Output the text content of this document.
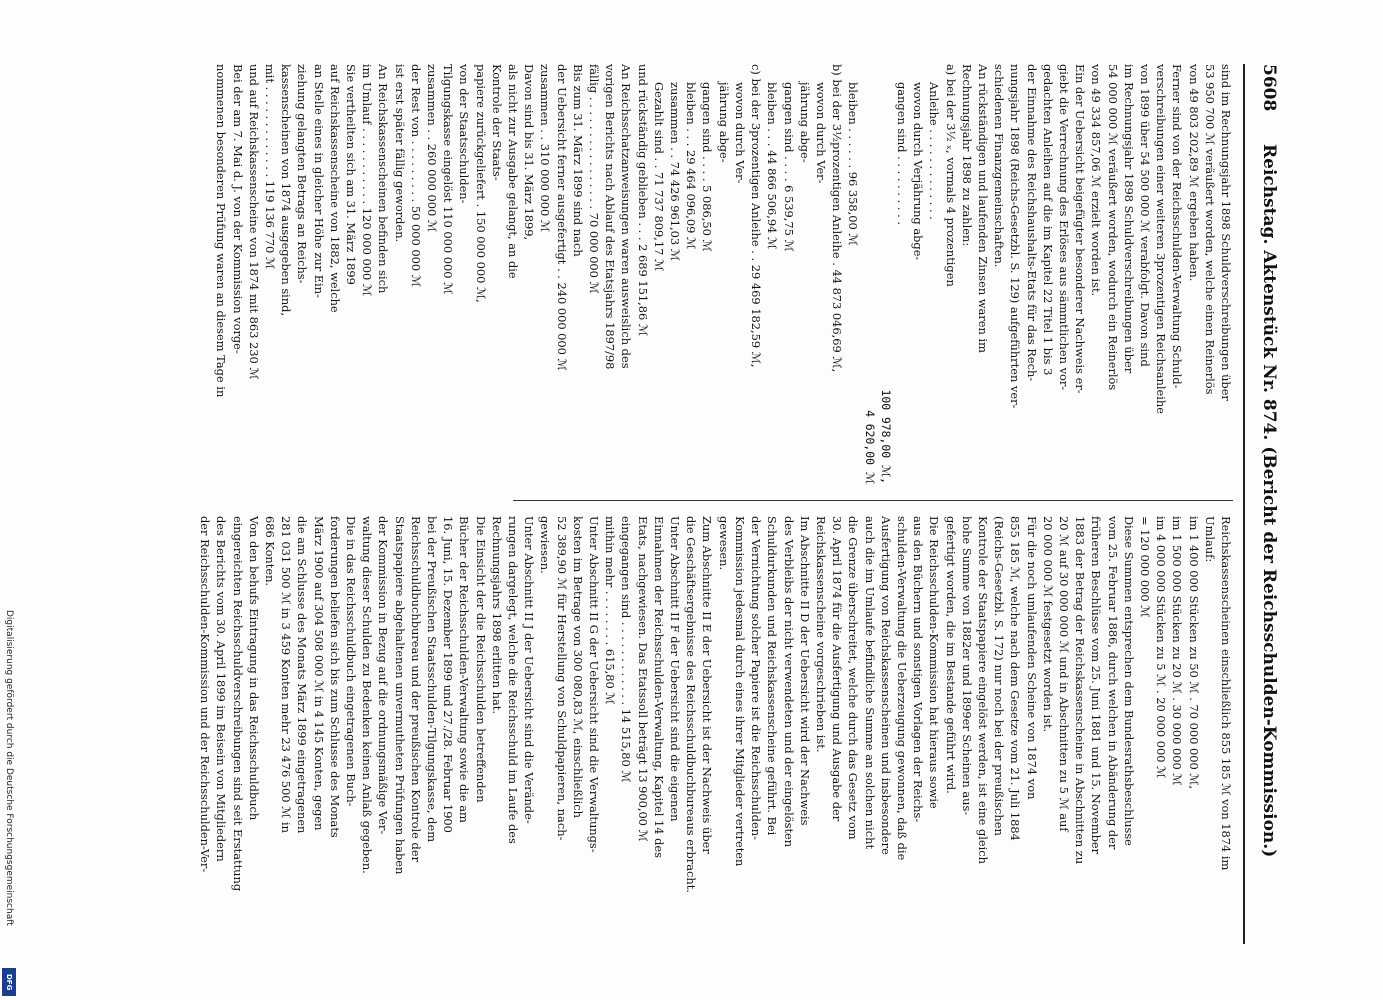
Digitalisierung gefördert durch die Deutsche Forschungsgemeinschaft
DFG
5608
Reichstag. Aktenstück Nr. 874. (Bericht der Reichsschulden-Kommission.)

sind im Rechnungsjahr 1898 Schuldverschreibungen über

53 950 700 ℳ veräußert worden, welche einen Reinerlös

von 49 803 202,89 ℳ ergeben haben.

Ferner sind von der Reichsschulden-Verwaltung Schuld-

verschreibungen einer weiteren 3prozentigen Reichsanleihe

von 1899 über 54 500 000 ℳ verabfolgt. Davon sind

im Rechnungsjahr 1898 Schuldverschreibungen über

54 000 000 ℳ veräußert worden, wodurch ein Reinerlös

von 49 334 857,06 ℳ erzielt worden ist.

Ein der Uebersicht beigefügter besonderer Nachweis er-

giebt die Verrechnung des Erlöses aus sämmtlichen vor-

gedachten Anleihen auf die im Kapitel 22 Titel 1 bis 3

der Einnahme des Reichshaushalts-Etats für das Rech-

nungsjahr 1898 (Reichs-Gesetzbl. S. 129) aufgeführten ver-

schiedenen Finanzgemeinschaften.

An rückständigen und laufenden Zinsen waren im

Rechnungsjahr 1898 zu zahlen:

a) bei der 3½ ₓ, vormals 4 prozentigen

Anleihe . . . . . . . . . . . . .

wovon durch Verjährung abge-

gangen sind . . . . . . . . . .

100 978,00 ℳ,

4 620,00 ℳ

bleiben . . . . . . 96 358,00 ℳ

b) bei der 3½prozentigen Anleihe . 44 873 046,69 ℳ,

wovon durch Ver-

jährung abge-

gangen sind . . . . 6 539,75 ℳ

bleiben . . . 44 866 506,94 ℳ

c) bei der 3prozentigen Anleihe . . 29 469 182,59 ℳ,

wovon durch Ver-

jährung abge-

gangen sind . . . . 5 086,50 ℳ

bleiben . . . 29 464 096,09 ℳ

zusammen . . 74 426 961,03 ℳ

Gezahlt sind . . 71 737 809,17 ℳ

und rückständig geblieben . . . 2 689 151,86 ℳ

An Reichsschatzanweisungen waren ausweislich des

vorigen Berichts nach Ablauf des Etatsjahrs 1897/98

fällig . . . . . . . . . . . . . . . . 70 000 000 ℳ

Bis zum 31. März 1899 sind nach

der Uebersicht ferner ausgefertigt . . 240 000 000 ℳ

zusammen . . 310 000 000 ℳ

Davon sind bis 31. März 1899,

als nicht zur Ausgabe gelangt, an die

Kontrole der Staats-

papiere zurückgeliefert . 150 000 000 ℳ,

von der Staatsschulden-

Tilgungskasse eingelöst 110 000 000 ℳ

zusammen . . 260 000 000 ℳ

der Rest von . . . . . . . . . 50 000 000 ℳ

ist erst später fällig geworden.

An Reichskassenscheinen befinden sich

im Umlauf . . . . . . . . . . . 120 000 000 ℳ

Sie vertheilten sich am 31. März 1899

auf Reichskassenscheine von 1882, welche

an Stelle eines in gleicher Höhe zur Ein-

ziehung gelangten Betrags an Reichs-

kassenscheinen von 1874 ausgegeben sind,

mit . . . . . . . . . . . . . 119 136 770 ℳ

und auf Reichskassenscheine von 1874 mit 863 230 ℳ

Bei der am 7. Mai d. J. von der Kommission vorge-

nommenen besonderen Prüfung waren an diesem Tage in

Reichskassenscheinen einschließlich 855 185 ℳ von 1874 im

Umlauf:

im 1 400 000 Stücken zu 50 ℳ . 70 000 000 ℳ,

im 1 500 000 Stücken zu 20 ℳ . 30 000 000 ℳ

im 4 000 000 Stücken zu 5 ℳ . 20 000 000 ℳ

= 120 000 000 ℳ

Diese Summen entsprechen dem Bundesrathsbeschlusse

vom 25. Februar 1886, durch welchen in Abänderung der

früheren Beschlüsse vom 25. Juni 1881 und 15. November

1883 der Betrag der Reichskassenscheine in Abschnitten zu

20 ℳ auf 30 000 000 ℳ und in Abschnitten zu 5 ℳ auf

20 000 000 ℳ festgesetzt worden ist.

Für die noch umlaufenden Scheine von 1874 von

855 185 ℳ, welche nach dem Gesetze vom 21. Juli 1884

(Reichs-Gesetzbl. S. 172) nur noch bei der preußischen

Kontrole der Staatspapiere eingelöst werden, ist eine gleich

hohe Summe von 1882er und 1899er Scheinen aus-

gefertigt worden, die im Bestande geführt wird.

Die Reichsschulden-Kommission hat hieraus sowie

aus den Büchern und sonstigen Vorlagen der Reichs-

schulden-Verwaltung die Ueberzeugung gewonnen, daß die

Ausfertigung von Reichskassenscheinen und insbesondere

auch die im Umlaufe befindliche Summe an solchen nicht

die Grenze überschreitet, welche durch das Gesetz vom

30. April 1874 für die Ausfertigung und Ausgabe der

Reichskassenscheine vorgeschrieben ist.

Im Abschnitte II D der Uebersicht wird der Nachweis

des Verbleibs der nicht verwendeten und der eingelösten

Schuldurkunden und Reichskassenscheine geführt. Bei

der Vernichtung solcher Papiere ist die Reichsschulden-

Kommission jedesmal durch eines ihrer Mitglieder vertreten

gewesen.

Zum Abschnitte II E der Uebersicht ist der Nachweis über

die Geschäftsergebnisse des Reichsschuldbuchbureaus erbracht.

Unter Abschnitt II F der Uebersicht sind die eigenen

Einnahmen der Reichsschulden-Verwaltung, Kapitel 14 des

Etats, nachgewiesen. Das Etatssoll beträgt 13 900,00 ℳ

eingegangen sind . . . . . . . . . . . . 14 515,80 ℳ

mithin mehr . . . . . . . . 615,80 ℳ

Unter Abschnitt II G der Uebersicht sind die Verwaltungs-

kosten im Betrage von 300 080,83 ℳ, einschließlich

52 389,90 ℳ für Herstellung von Schuldpapieren, nach-

gewiesen.

Unter Abschnitt II J der Uebersicht sind die Verände-

rungen dargelegt, welche die Reichsschuld im Laufe des

Rechnungsjahrs 1898 erlitten hat.

Die Einsicht der die Reichsschulden betreffenden

Bücher der Reichsschulden-Verwaltung sowie die am

16. Juni, 15. Dezember 1899 und 27./28. Februar 1900

bei der Preußischen Staatsschulden-Tilgungskasse, dem

Reichsschuldbuchbureau und der preußischen Kontrole der

Staatspapiere abgehaltenen unvermutheten Prüfungen haben

der Kommission in Bezug auf die ordnungsmäßige Ver-

waltung dieser Schulden zu Bedenken keinen Anlaß gegeben.

Die in das Reichsschuldbuch eingetragenen Buch-

forderungen beliefen sich bis zum Schlusse des Monats

März 1900 auf 304 508 000 ℳ in 4 145 Konten, gegen

die am Schlusse des Monats März 1899 eingetragenen

281 031 500 ℳ in 3 459 Konten mehr 23 476 500 ℳ in

686 Konten.

Von den behufs Eintragung in das Reichsschuldbuch

eingereichten Reichsschuldverschreibungen sind seit Erstattung

des Berichts vom 30. April 1899 im Beisein von Mitgliedern

der Reichsschulden-Kommission und der Reichsschulden-Ver-
